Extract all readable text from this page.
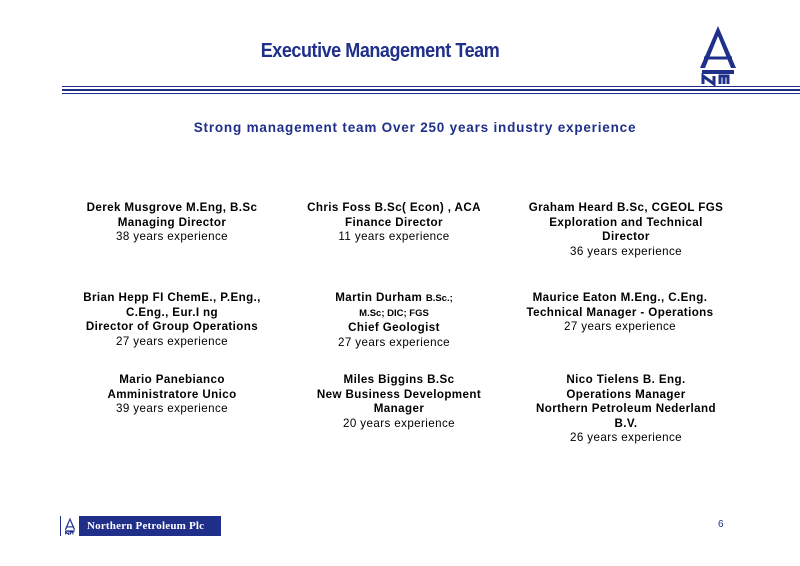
Executive Management Team
Strong management team Over 250 years industry experience
Derek Musgrove M.Eng, B.Sc
Managing Director
38 years experience
Chris Foss B.Sc( Econ) , ACA
Finance Director
11 years experience
Graham Heard B.Sc, CGEOL FGS
Exploration and Technical Director
36 years experience
Brian Hepp FI ChemE., P.Eng.,
C.Eng., Eur.I ng
Director of Group Operations
27 years experience
Martin Durham B.Sc.;
M.Sc; DIC; FGS
Chief Geologist
27 years experience
Maurice Eaton M.Eng., C.Eng.
Technical Manager - Operations
27 years experience
Mario Panebianco
Amministratore Unico
39 years experience
Miles Biggins B.Sc
New Business Development
Manager
20 years experience
Nico Tielens B. Eng.
Operations Manager
Northern Petroleum Nederland
B.V.
26 years experience
Northern Petroleum Plc	6
